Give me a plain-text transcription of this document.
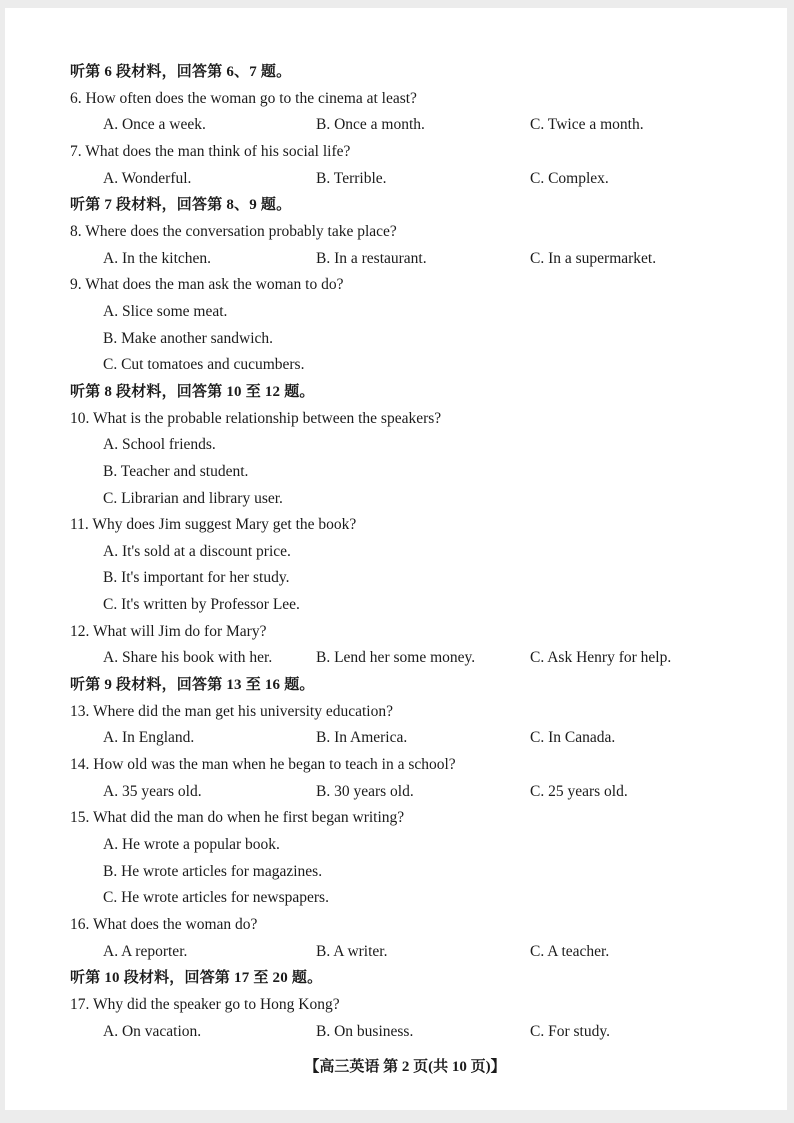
听第 6 段材料，回答第 6、7 题。
6. How often does the woman go to the cinema at least?
A. Once a week.	B. Once a month.	C. Twice a month.
7. What does the man think of his social life?
A. Wonderful.	B. Terrible.	C. Complex.
听第 7 段材料，回答第 8、9 题。
8. Where does the conversation probably take place?
A. In the kitchen.	B. In a restaurant.	C. In a supermarket.
9. What does the man ask the woman to do?
A. Slice some meat.
B. Make another sandwich.
C. Cut tomatoes and cucumbers.
听第 8 段材料，回答第 10 至 12 题。
10. What is the probable relationship between the speakers?
A. School friends.
B. Teacher and student.
C. Librarian and library user.
11. Why does Jim suggest Mary get the book?
A. It's sold at a discount price.
B. It's important for her study.
C. It's written by Professor Lee.
12. What will Jim do for Mary?
A. Share his book with her.	B. Lend her some money.	C. Ask Henry for help.
听第 9 段材料，回答第 13 至 16 题。
13. Where did the man get his university education?
A. In England.	B. In America.	C. In Canada.
14. How old was the man when he began to teach in a school?
A. 35 years old.	B. 30 years old.	C. 25 years old.
15. What did the man do when he first began writing?
A. He wrote a popular book.
B. He wrote articles for magazines.
C. He wrote articles for newspapers.
16. What does the woman do?
A. A reporter.	B. A writer.	C. A teacher.
听第 10 段材料，回答第 17 至 20 题。
17. Why did the speaker go to Hong Kong?
A. On vacation.	B. On business.	C. For study.
【高三英语 第 2 页(共 10 页)】
